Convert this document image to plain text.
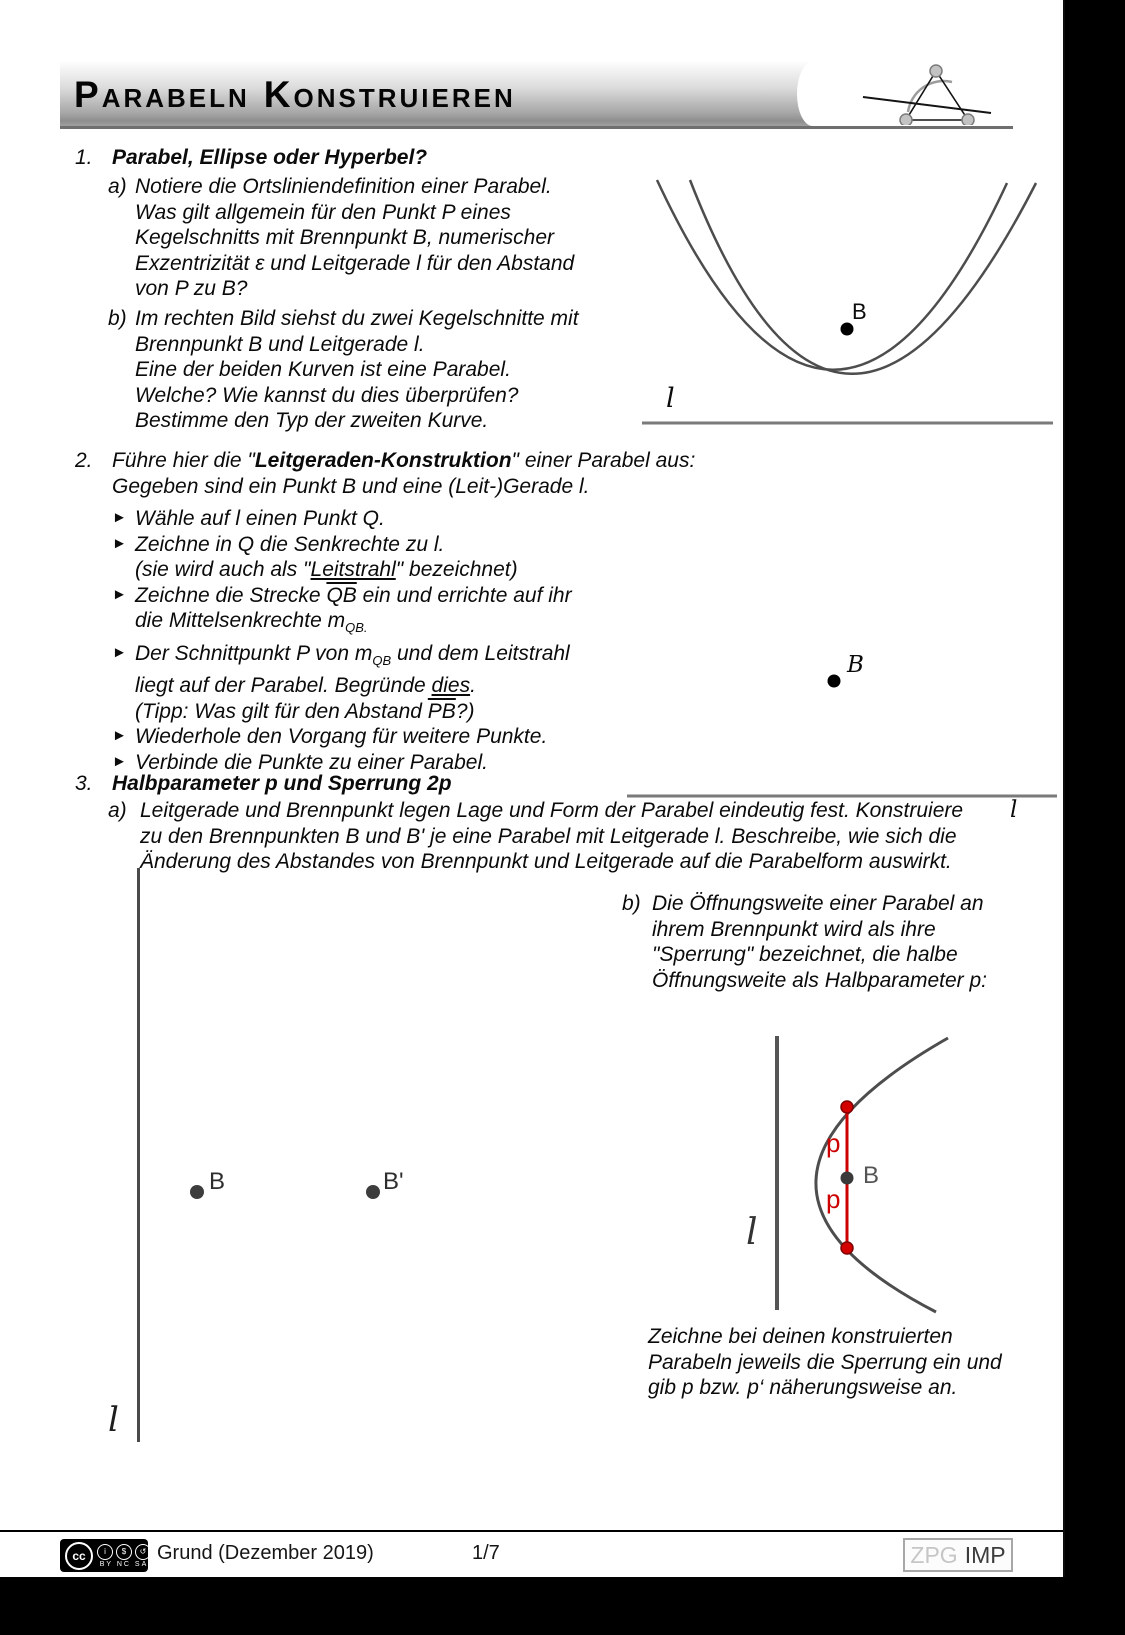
P ARABELN K ONSTRUIEREN
1. Parabel, Ellipse oder Hyperbel?
a) Notiere die Ortsliniendefinition einer Parabel.
Was gilt allgemein für den Punkt P eines
Kegelschnitts mit Brennpunkt B, numerischer
Exzentrizität ε und Leitgerade l für den Abstand
von P zu B?
b) Im rechten Bild siehst du zwei Kegelschnitte mit
Brennpunkt B und Leitgerade l.
Eine der beiden Kurven ist eine Parabel.
Welche? Wie kannst du dies überprüfen?
Bestimme den Typ der zweiten Kurve.
B
l
2. Führe hier die "Leitgeraden-Konstruktion" einer Parabel aus:
Gegeben sind ein Punkt B und eine (Leit-)Gerade l.
► Wähle auf l einen Punkt Q.
► Zeichne in Q die Senkrechte zu l.
(sie wird auch als "Leitstrahl" bezeichnet)
► Zeichne die Strecke $\overline{QB}$ ein und errichte auf ihr
die Mittelsenkrechte $m_{QB.}$
► Der Schnittpunkt P von $m_{QB}$ und dem Leitstrahl
liegt auf der Parabel. Begründe dies.
(Tipp: Was gilt für den Abstand $\overline{PB}$?)
► Wiederhole den Vorgang für weitere Punkte.
► Verbinde die Punkte zu einer Parabel.
B
l
3. Halbparameter p und Sperrung 2p
a) Leitgerade und Brennpunkt legen Lage und Form der Parabel eindeutig fest. Konstruiere
zu den Brennpunkten B und B' je eine Parabel mit Leitgerade l. Beschreibe, wie sich die
Änderung des Abstandes von Brennpunkt und Leitgerade auf die Parabelform auswirkt.
b) Die Öffnungsweite einer Parabel an
ihrem Brennpunkt wird als ihre
"Sperrung" bezeichnet, die halbe
Öffnungsweite als Halbparameter p:
B	B'
l
p
p
B
l
Zeichne bei deinen konstruierten
Parabeln jeweils die Sperrung ein und
gib p bzw. p‘ näherungsweise an.
cc	i	$	↺
BY NC SA Grund (Dezember 2019)	1/7	ZPG IMP
